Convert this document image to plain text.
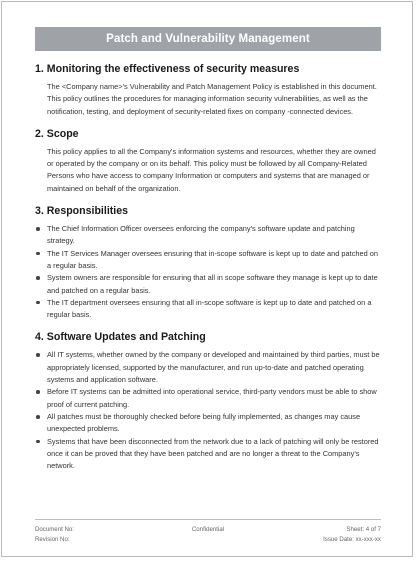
Patch and Vulnerability Management
1. Monitoring the effectiveness of security measures

The <Company name>'s Vulnerability and Patch Management Policy is established in this document. This policy outlines the procedures for managing information security vulnerabilities, as well as the notification, testing, and deployment of security-related fixes on company -connected devices.

2. Scope

This policy applies to all the Company's information systems and resources, whether they are owned or operated by the company or on its behalf. This policy must be followed by all Company-Related Persons who have access to company Information or computers and systems that are managed or maintained on behalf of the organization.

3. Responsibilities
The Chief Information Officer oversees enforcing the company's software update and patching strategy.
The IT Services Manager oversees ensuring that in-scope software is kept up to date and patched on a regular basis.
System owners are responsible for ensuring that all in scope software they manage is kept up to date and patched on a regular basis.
The IT department oversees ensuring that all in-scope software is kept up to date and patched on a regular basis.
4. Software Updates and Patching
All IT systems, whether owned by the company or developed and maintained by third parties, must be appropriately licensed, supported by the manufacturer, and run up-to-date and patched operating systems and application software.
Before IT systems can be admitted into operational service, third-party vendors must be able to show proof of current patching.
All patches must be thoroughly checked before being fully implemented, as changes may cause unexpected problems.
Systems that have been disconnected from the network due to a lack of patching will only be restored once it can be proved that they have been patched and are no longer a threat to the Company's network.
Document No:	Confidential	Sheet: 4 of 7
Revision No:	Issue Date: xx-xxx-xx
